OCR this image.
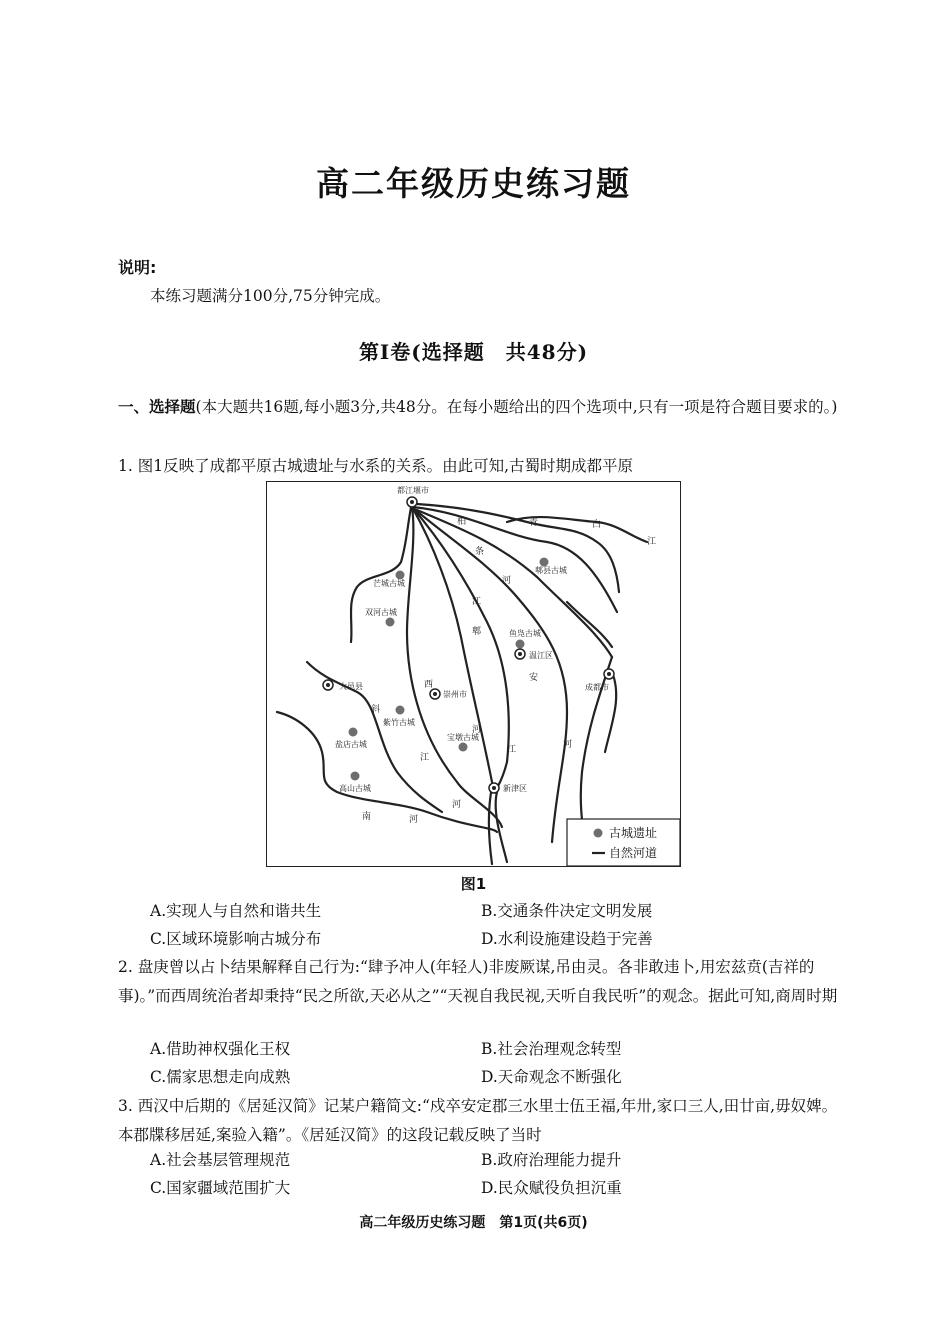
高二年级历史练习题
说明:
本练习题满分100分,75分钟完成。
第Ⅰ卷(选择题　共48分)
一、选择题(本大题共16题,每小题3分,共48分。在每小题给出的四个选项中,只有一项是符合题目要求的。)
1. 图1反映了成都平原古城遗址与水系的关系。由此可知,古蜀时期成都平原
都江堰市
芒城古城
郫县古城
双河古城
鱼凫古城
温江区
成都市
大邑县
崇州市
紫竹古城
盐店古城
宝墩古城
高山古城	新津区
柏
条
河
青	白
江
郫
江
西
河
安
江	河
斜
江
河
南	河
古城遗址
自然河道
图1
A.实现人与自然和谐共生	B.交通条件决定文明发展
C.区域环境影响古城分布	D.水利设施建设趋于完善
2. 盘庚曾以占卜结果解释自己行为:“肆予冲人(年轻人)非废厥谋,吊由灵。各非敢违卜,用宏兹贲(吉祥的事)。”而西周统治者却秉持“民之所欲,天必从之”“天视自我民视,天听自我民听”的观念。据此可知,商周时期
A.借助神权强化王权	B.社会治理观念转型
C.儒家思想走向成熟	D.天命观念不断强化
3. 西汉中后期的《居延汉简》记某户籍简文:“戍卒安定郡三水里士伍王福,年卅,家口三人,田廿亩,毋奴婢。本郡牒移居延,案验入籍”。《居延汉简》的这段记载反映了当时
A.社会基层管理规范	B.政府治理能力提升
C.国家疆域范围扩大	D.民众赋役负担沉重
高二年级历史练习题　第1页(共6页)
